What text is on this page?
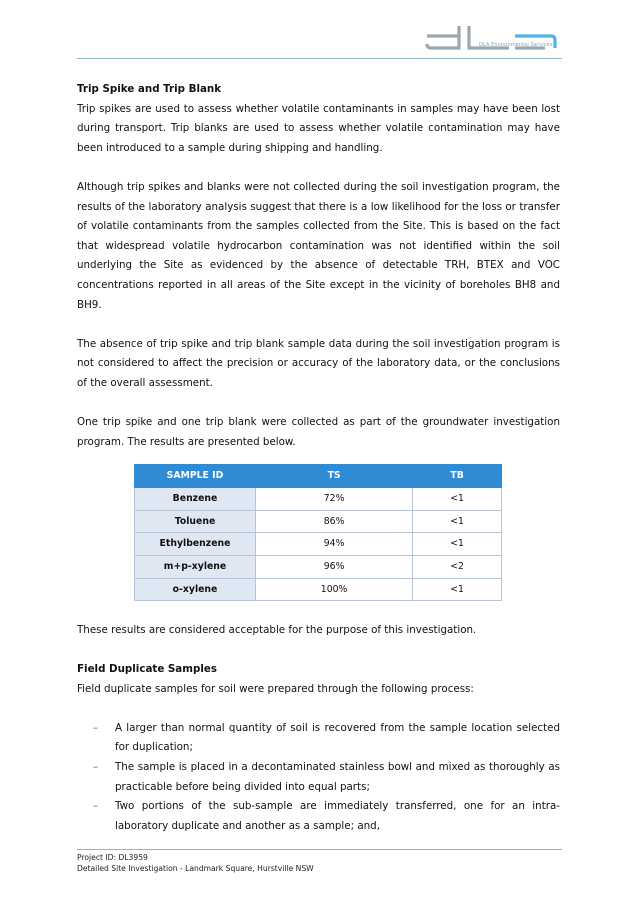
DLA Environmental Services
Trip Spike and Trip Blank

Trip spikes are used to assess whether volatile contaminants in samples may have been lost during transport. Trip blanks are used to assess whether volatile contamination may have been introduced to a sample during shipping and handling.

Although trip spikes and blanks were not collected during the soil investigation program, the results of the laboratory analysis suggest that there is a low likelihood for the loss or transfer of volatile contaminants from the samples collected from the Site. This is based on the fact that widespread volatile hydrocarbon contamination was not identified within the soil underlying the Site as evidenced by the absence of detectable TRH, BTEX and VOC concentrations reported in all areas of the Site except in the vicinity of boreholes BH8 and BH9.

The absence of trip spike and trip blank sample data during the soil investigation program is not considered to affect the precision or accuracy of the laboratory data, or the conclusions of the overall assessment.

One trip spike and one trip blank were collected as part of the groundwater investigation program. The results are presented below.

SAMPLE ID	TS	TB
Benzene	72%	<1
Toluene	86%	<1
Ethylbenzene	94%	<1
m+p-xylene	96%	<2
o-xylene	100%	<1

These results are considered acceptable for the purpose of this investigation.

Field Duplicate Samples

Field duplicate samples for soil were prepared through the following process:

– A larger than normal quantity of soil is recovered from the sample location selected for duplication;
– The sample is placed in a decontaminated stainless bowl and mixed as thoroughly as practicable before being divided into equal parts;
– Two portions of the sub-sample are immediately transferred, one for an intra-laboratory duplicate and another as a sample; and,
Project ID: DL3959
Detailed Site Investigation - Landmark Square, Hurstville NSW
